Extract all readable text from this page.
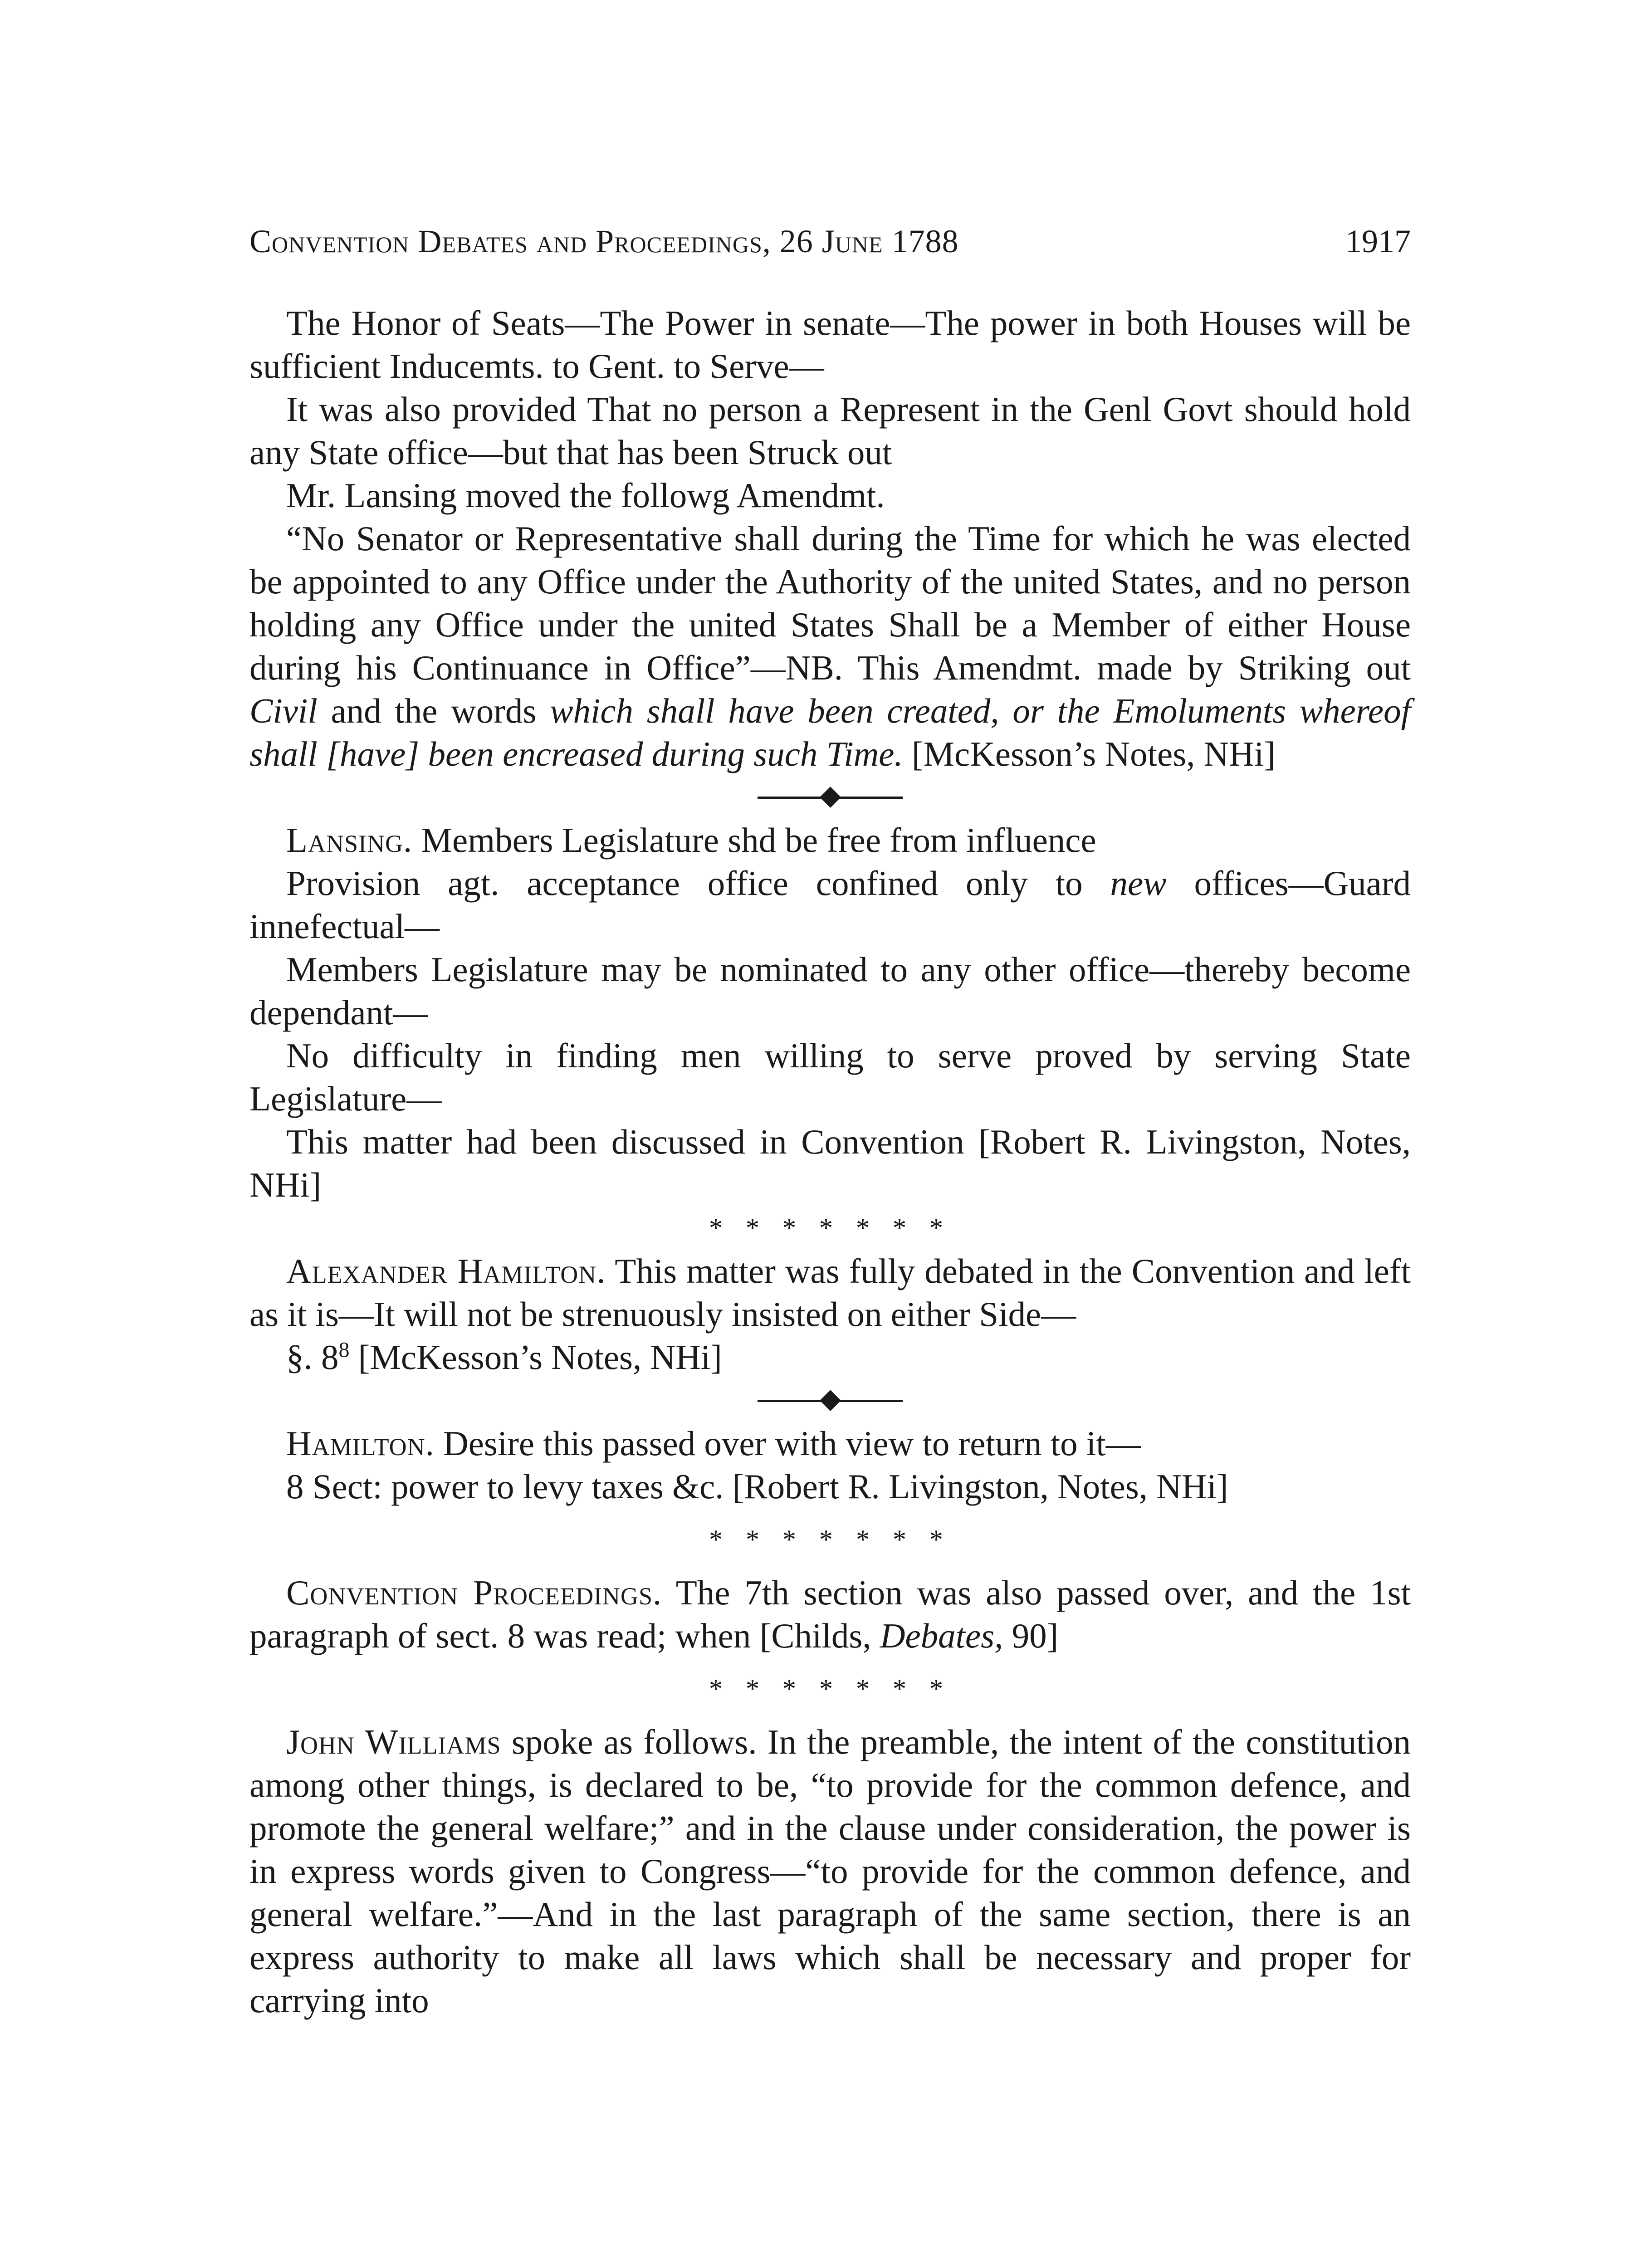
Convention Debates and Proceedings, 26 June 1788	1917

The Honor of Seats—The Power in senate—The power in both Houses will be sufficient Inducemts. to Gent. to Serve—

It was also provided That no person a Represent in the Genl Govt should hold any State office—but that has been Struck out

Mr. Lansing moved the followg Amendmt.

“No Senator or Representative shall during the Time for which he was elected be appointed to any Office under the Authority of the united States, and no person holding any Office under the united States Shall be a Member of either House during his Continuance in Office”—NB. This Amendmt. made by Striking out Civil and the words which shall have been created, or the Emoluments whereof shall [have] been encreased during such Time. [McKesson’s Notes, NHi]

Lansing. Members Legislature shd be free from influence

Provision agt. acceptance office confined only to new offices—Guard innefectual—

Members Legislature may be nominated to any other office—thereby become dependant—

No difficulty in finding men willing to serve proved by serving State Legislature—

This matter had been discussed in Convention [Robert R. Livingston, Notes, NHi]

* * * * * * *

Alexander Hamilton. This matter was fully debated in the Convention and left as it is—It will not be strenuously insisted on either Side—

§. $8^8$ [McKesson’s Notes, NHi]

Hamilton. Desire this passed over with view to return to it—

8 Sect: power to levy taxes &c. [Robert R. Livingston, Notes, NHi]

* * * * * * *

Convention Proceedings. The 7th section was also passed over, and the 1st paragraph of sect. 8 was read; when [Childs, Debates, 90]

* * * * * * *

John Williams spoke as follows. In the preamble, the intent of the constitution among other things, is declared to be, “to provide for the common defence, and promote the general welfare;” and in the clause under consideration, the power is in express words given to Congress—“to provide for the common defence, and general welfare.”—And in the last paragraph of the same section, there is an express authority to make all laws which shall be necessary and proper for carrying into
